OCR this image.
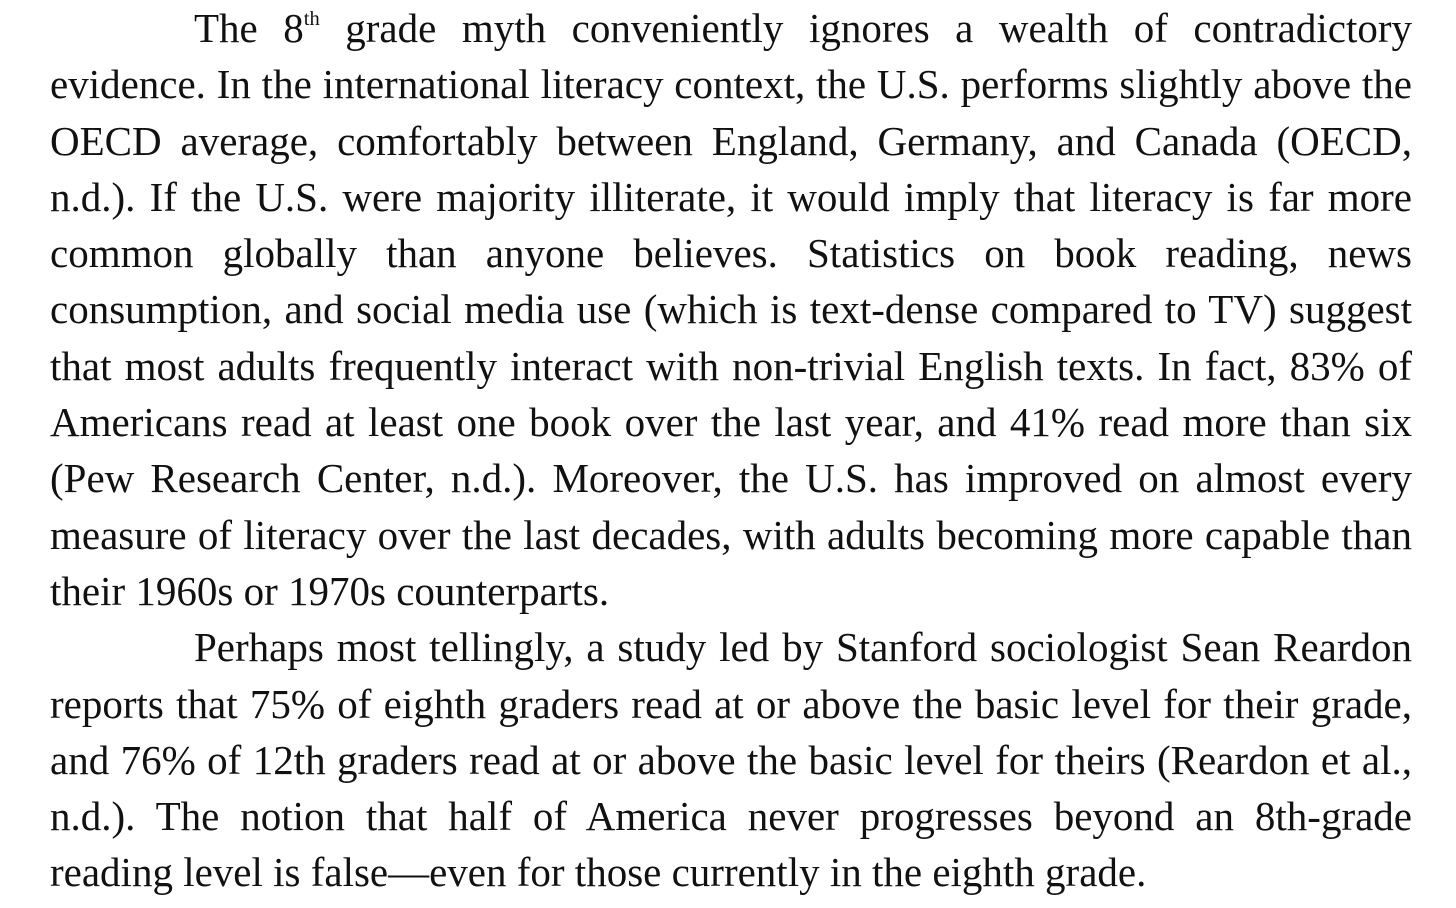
The 8th grade myth conveniently ignores a wealth of contradictory evidence. In the international literacy context, the U.S. performs slightly above the OECD average, comfortably between England, Germany, and Canada (OECD, n.d.). If the U.S. were majority illiterate, it would imply that literacy is far more common globally than anyone believes. Statistics on book reading, news consumption, and social media use (which is text-dense compared to TV) suggest that most adults frequently interact with non-trivial English texts. In fact, 83% of Americans read at least one book over the last year, and 41% read more than six (Pew Research Center, n.d.). Moreover, the U.S. has improved on almost every measure of literacy over the last decades, with adults becoming more capable than their 1960s or 1970s counterparts.

Perhaps most tellingly, a study led by Stanford sociologist Sean Reardon reports that 75% of eighth graders read at or above the basic level for their grade, and 76% of 12th graders read at or above the basic level for theirs (Reardon et al., n.d.). The notion that half of America never progresses beyond an 8th-grade reading level is false—even for those currently in the eighth grade.
